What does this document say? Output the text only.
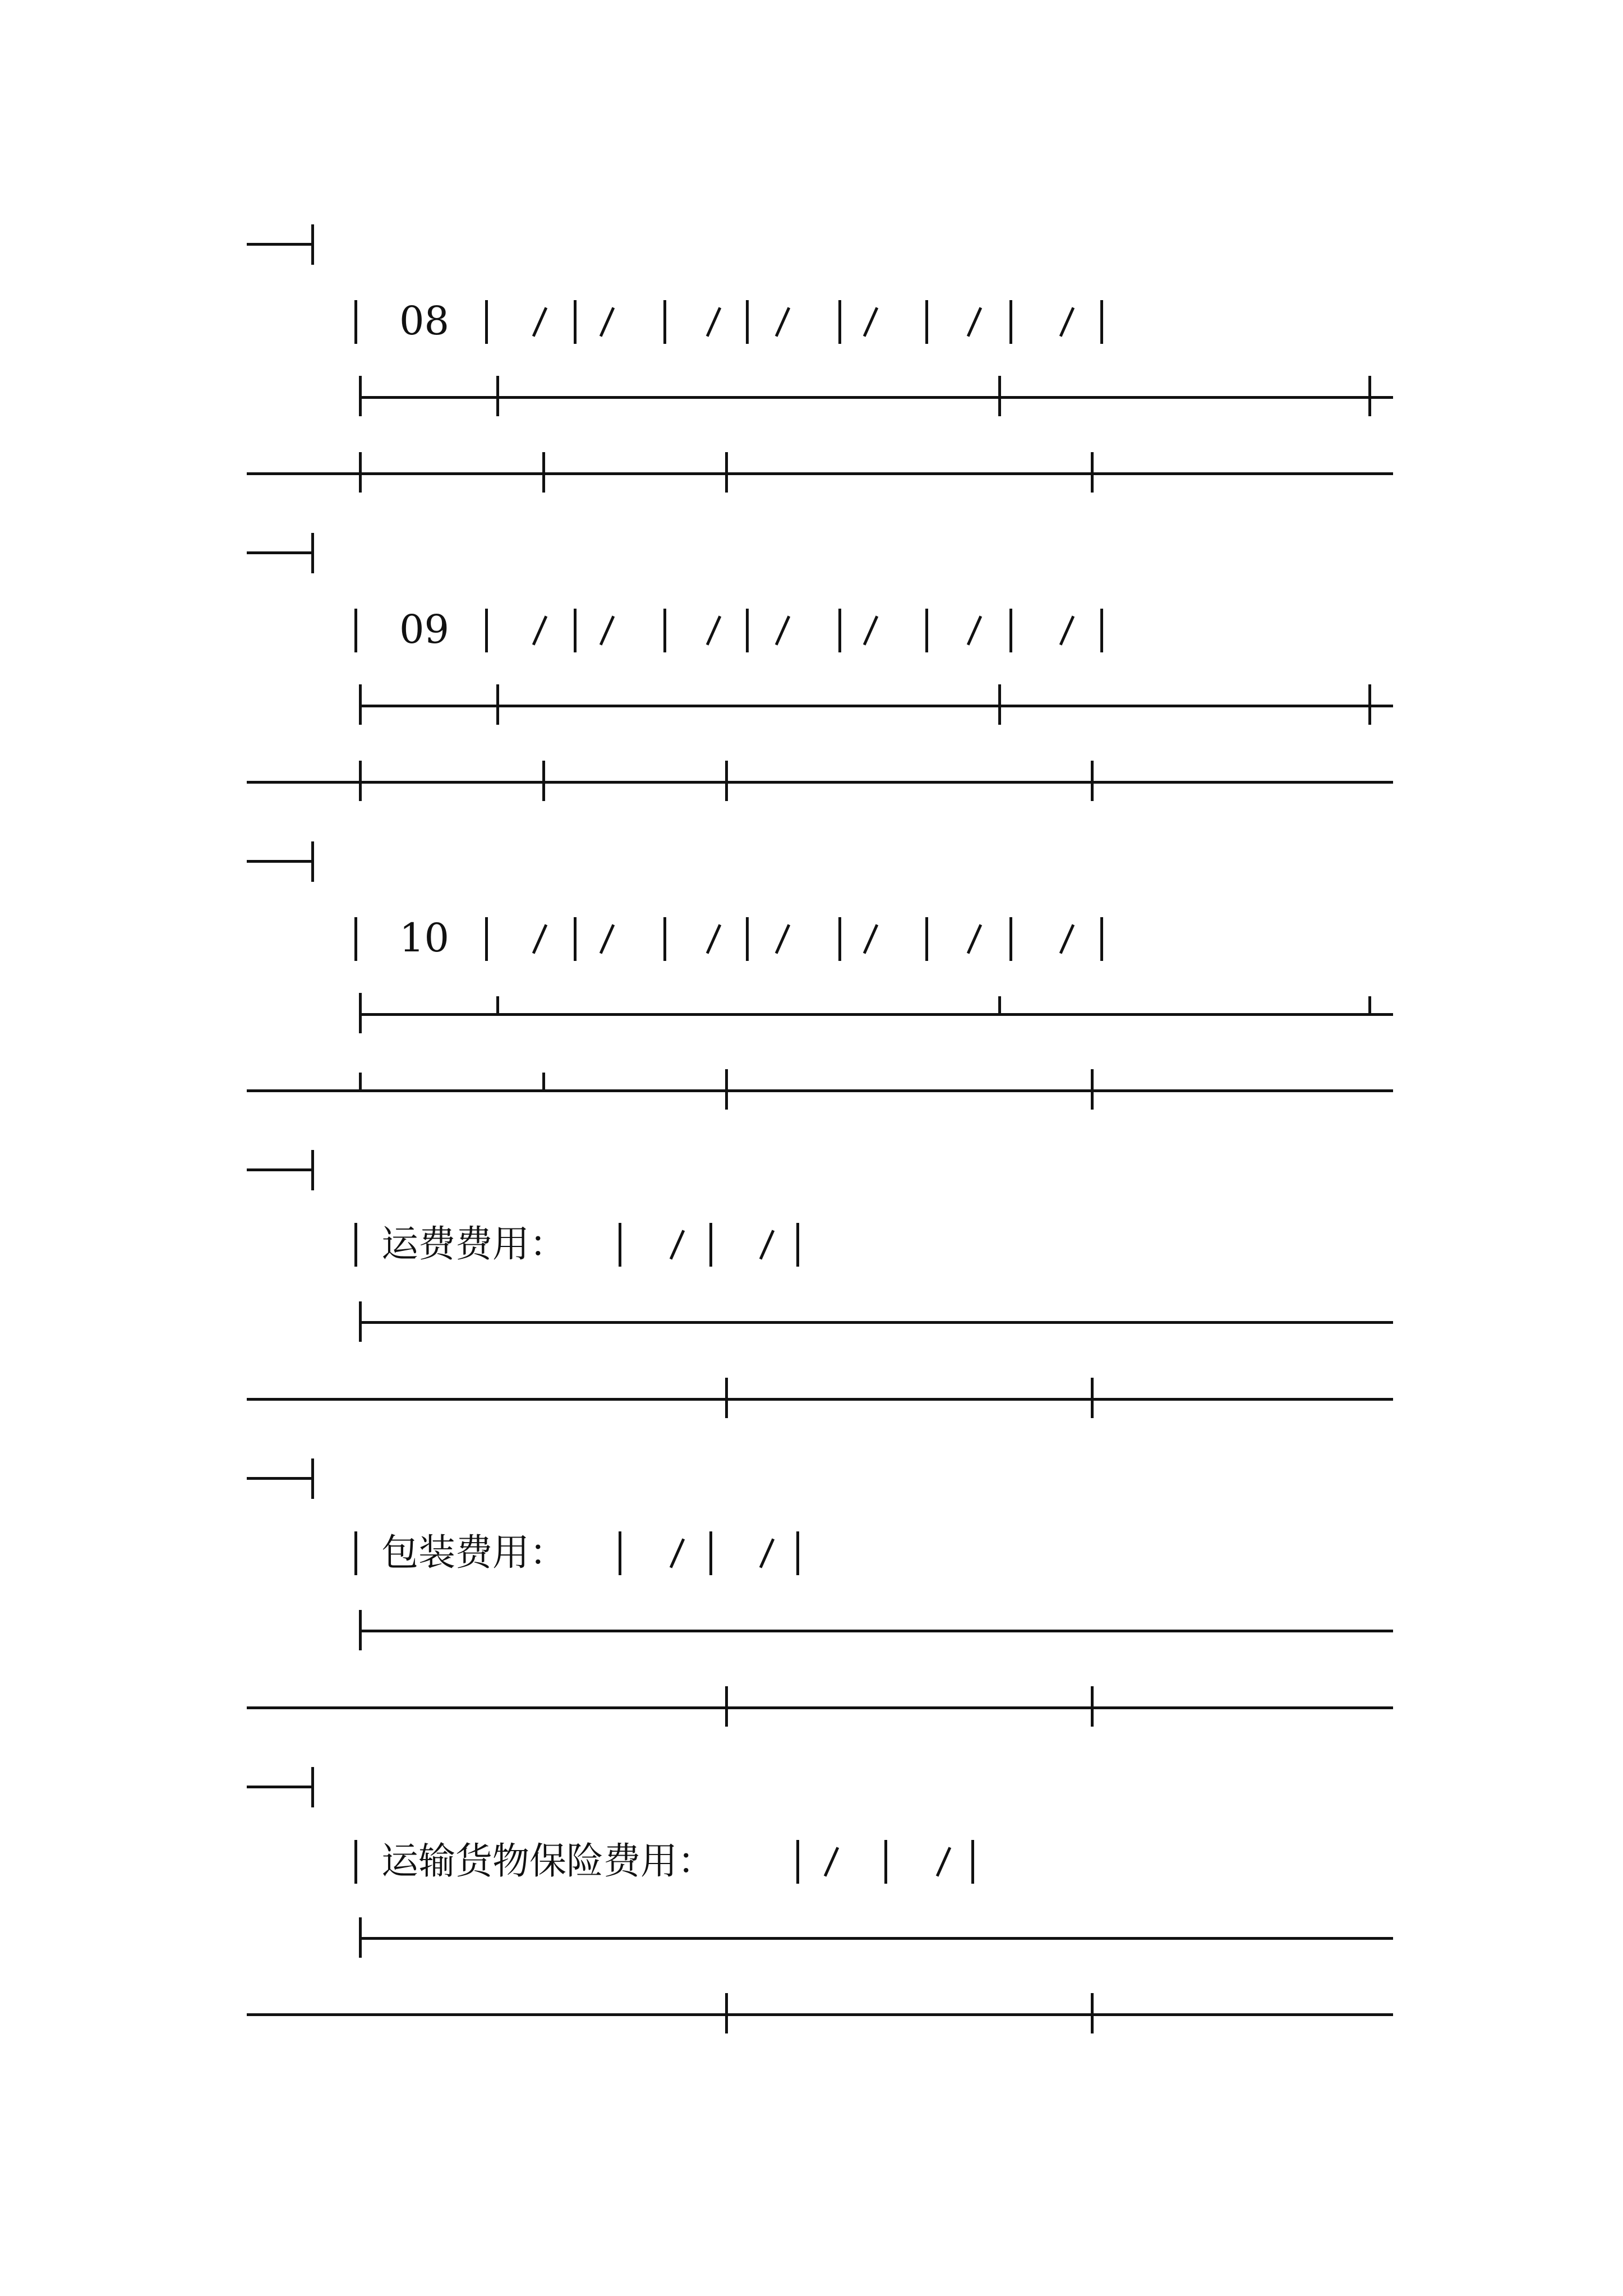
08
09
10
运费费用：
包装费用：
运输货物保险费用：
